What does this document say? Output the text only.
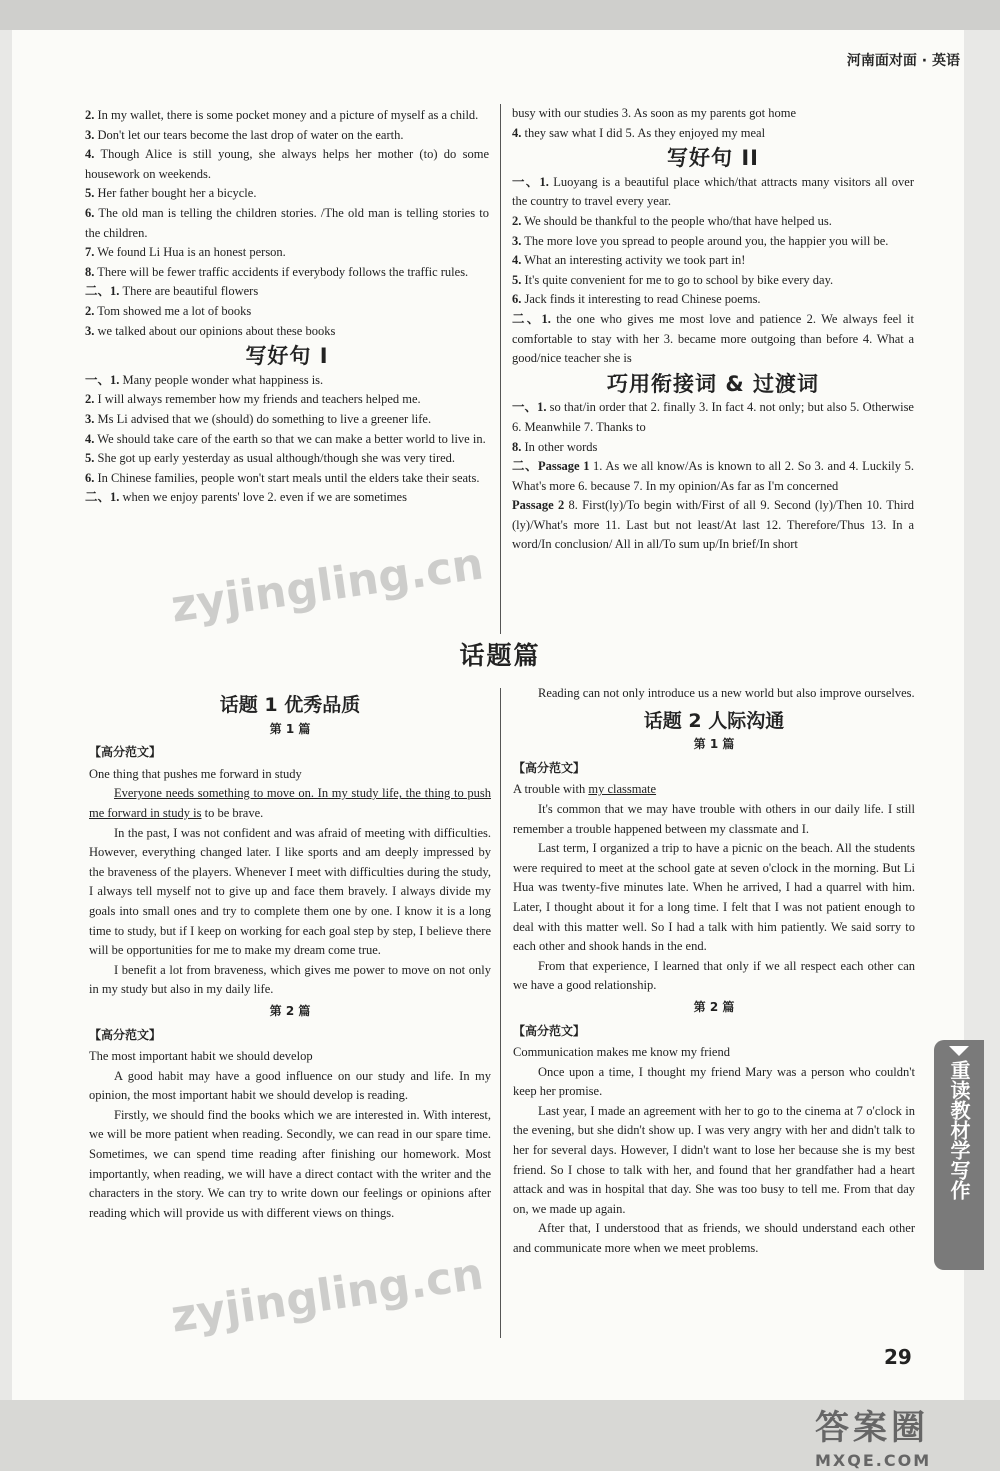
河南面对面 · 英语

2. In my wallet, there is some pocket money and a picture of myself as a child.

3. Don't let our tears become the last drop of water on the earth.

4. Though Alice is still young, she always helps her mother (to) do some housework on weekends.

5. Her father bought her a bicycle.

6. The old man is telling the children stories. /The old man is telling stories to the children.

7. We found Li Hua is an honest person.

8. There will be fewer traffic accidents if everybody follows the traffic rules.

二、1. There are beautiful flowers

2. Tom showed me a lot of books

3. we talked about our opinions about these books

写好句 I

一、1. Many people wonder what happiness is.

2. I will always remember how my friends and teachers helped me.

3. Ms Li advised that we (should) do something to live a greener life.

4. We should take care of the earth so that we can make a better world to live in.

5. She got up early yesterday as usual although/though she was very tired.

6. In Chinese families, people won't start meals until the elders take their seats.

二、1. when we enjoy parents' love 2. even if we are sometimes

busy with our studies 3. As soon as my parents got home

4. they saw what I did 5. As they enjoyed my meal

写好句 II

一、1. Luoyang is a beautiful place which/that attracts many visitors all over the country to travel every year.

2. We should be thankful to the people who/that have helped us.

3. The more love you spread to people around you, the happier you will be.

4. What an interesting activity we took part in!

5. It's quite convenient for me to go to school by bike every day.

6. Jack finds it interesting to read Chinese poems.

二、1. the one who gives me most love and patience 2. We always feel it comfortable to stay with her 3. became more outgoing than before 4. What a good/nice teacher she is

巧用衔接词 & 过渡词

一、1. so that/in order that 2. finally 3. In fact 4. not only; but also 5. Otherwise 6. Meanwhile 7. Thanks to

8. In other words

二、Passage 1 1. As we all know/As is known to all 2. So 3. and 4. Luckily 5. What's more 6. because 7. In my opinion/As far as I'm concerned

Passage 2 8. First(ly)/To begin with/First of all 9. Second (ly)/Then 10. Third (ly)/What's more 11. Last but not least/At last 12. Therefore/Thus 13. In a word/In conclusion/ All in all/To sum up/In brief/In short

话题篇
话题 1 优秀品质
第 1 篇
【高分范文】

One thing that pushes me forward in study

Everyone needs something to move on. In my study life, the thing to push me forward in study is to be brave.

In the past, I was not confident and was afraid of meeting with difficulties. However, everything changed later. I like sports and am deeply impressed by the braveness of the players. Whenever I meet with difficulties during the study, I always tell myself not to give up and face them bravely. I always divide my goals into small ones and try to complete them one by one. I know it is a long time to study, but if I keep on working for each goal step by step, I believe there will be opportunities for me to make my dream come true.

I benefit a lot from braveness, which gives me power to move on not only in my study but also in my daily life.

第 2 篇
【高分范文】

The most important habit we should develop

A good habit may have a good influence on our study and life. In my opinion, the most important habit we should develop is reading.

Firstly, we should find the books which we are interested in. With interest, we will be more patient when reading. Secondly, we can read in our spare time. Sometimes, we can spend time reading after finishing our homework. Most importantly, when reading, we will have a direct contact with the writer and the characters in the story. We can try to write down our feelings or opinions after reading which will provide us with different views on things.

Reading can not only introduce us a new world but also improve ourselves.

话题 2 人际沟通
第 1 篇
【高分范文】

A trouble with my classmate

It's common that we may have trouble with others in our daily life. I still remember a trouble happened between my classmate and I.

Last term, I organized a trip to have a picnic on the beach. All the students were required to meet at the school gate at seven o'clock in the morning. But Li Hua was twenty-five minutes late. When he arrived, I had a quarrel with him. Later, I thought about it for a long time. I felt that I was not patient enough to deal with this matter well. So I had a talk with him patiently. We said sorry to each other and shook hands in the end.

From that experience, I learned that only if we all respect each other can we have a good relationship.

第 2 篇
【高分范文】

Communication makes me know my friend

Once upon a time, I thought my friend Mary was a person who couldn't keep her promise.

Last year, I made an agreement with her to go to the cinema at 7 o'clock in the evening, but she didn't show up. I was very angry with her and didn't talk to her for several days. However, I didn't want to lose her because she is my best friend. So I chose to talk with her, and found that her grandfather had a heart attack and was in hospital that day. She was too busy to tell me. From that day on, we made up again.

After that, I understood that as friends, we should understand each other and communicate more when we meet problems.

重读教材学写作
29
zyjingling.cn
zyjingling.cn
答案圈
MXQE.COM
